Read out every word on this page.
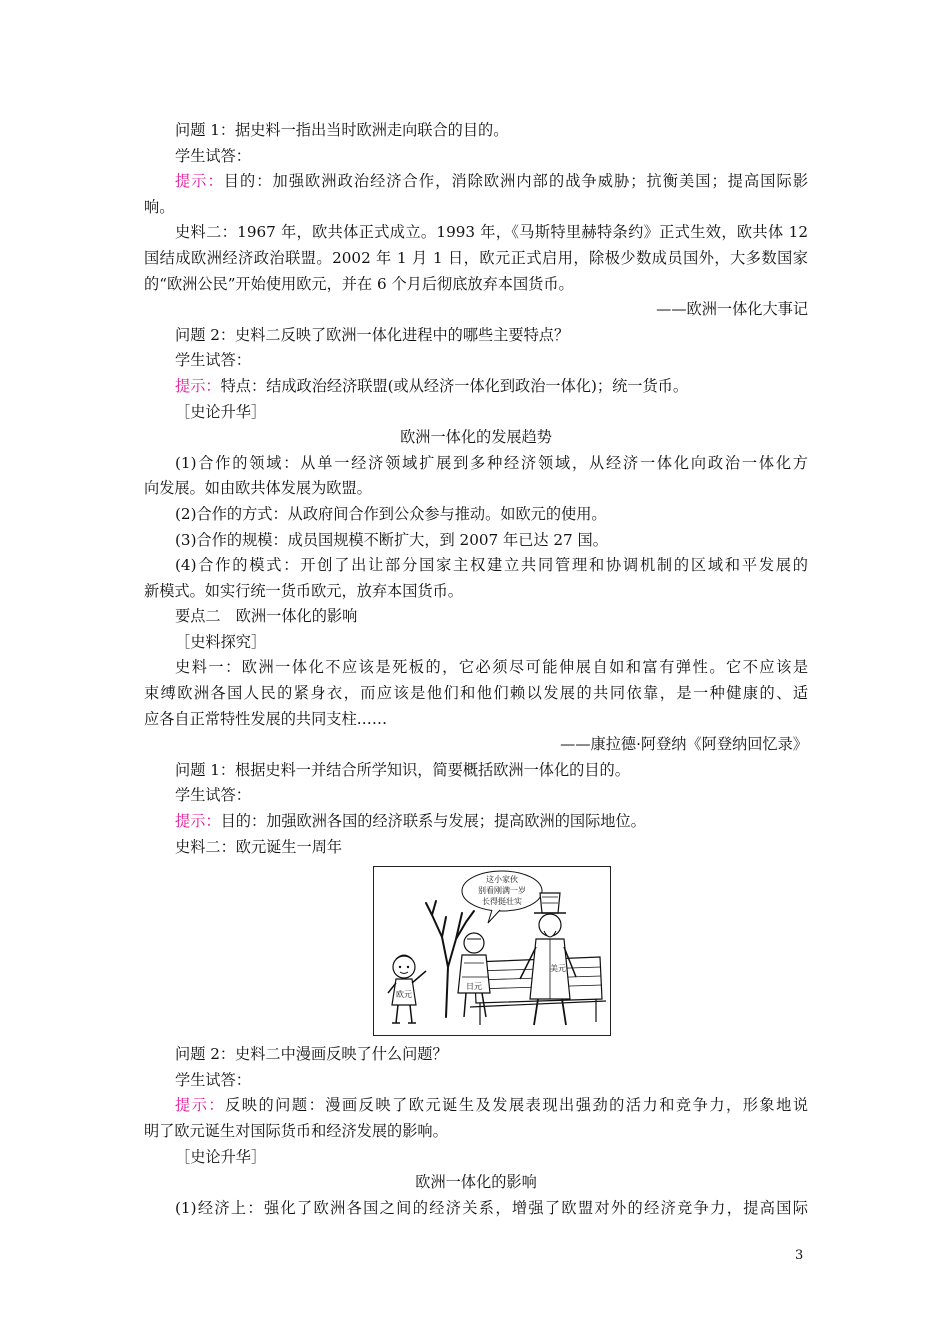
问题 1：据史料一指出当时欧洲走向联合的目的。
学生试答：
提示：目的：加强欧洲政治经济合作，消除欧洲内部的战争威胁；抗衡美国；提高国际影
响。
史料二：1967 年，欧共体正式成立。1993 年，《马斯特里赫特条约》正式生效，欧共体 12
国结成欧洲经济政治联盟。2002 年 1 月 1 日，欧元正式启用，除极少数成员国外，大多数国家
的“欧洲公民”开始使用欧元，并在 6 个月后彻底放弃本国货币。
——欧洲一体化大事记
问题 2：史料二反映了欧洲一体化进程中的哪些主要特点？
学生试答：
提示：特点：结成政治经济联盟(或从经济一体化到政治一体化)；统一货币。
［史论升华］
欧洲一体化的发展趋势
(1)合作的领域：从单一经济领域扩展到多种经济领域，从经济一体化向政治一体化方
向发展。如由欧共体发展为欧盟。
(2)合作的方式：从政府间合作到公众参与推动。如欧元的使用。
(3)合作的规模：成员国规模不断扩大，到 2007 年已达 27 国。
(4)合作的模式：开创了出让部分国家主权建立共同管理和协调机制的区域和平发展的
新模式。如实行统一货币欧元，放弃本国货币。
要点二　欧洲一体化的影响
［史料探究］
史料一：欧洲一体化不应该是死板的，它必须尽可能伸展自如和富有弹性。它不应该是
束缚欧洲各国人民的紧身衣，而应该是他们和他们赖以发展的共同依靠，是一种健康的、适
应各自正常特性发展的共同支柱……
——康拉德·阿登纳《阿登纳回忆录》
问题 1：根据史料一并结合所学知识，简要概括欧洲一体化的目的。
学生试答：
提示：目的：加强欧洲各国的经济联系与发展；提高欧洲的国际地位。
史料二：欧元诞生一周年
这小家伙
别看刚满一岁
长得挺壮实
欧元
日元
美元
问题 2：史料二中漫画反映了什么问题？
学生试答：
提示：反映的问题：漫画反映了欧元诞生及发展表现出强劲的活力和竞争力，形象地说
明了欧元诞生对国际货币和经济发展的影响。
［史论升华］
欧洲一体化的影响
(1)经济上：强化了欧洲各国之间的经济关系，增强了欧盟对外的经济竞争力，提高国际
3
